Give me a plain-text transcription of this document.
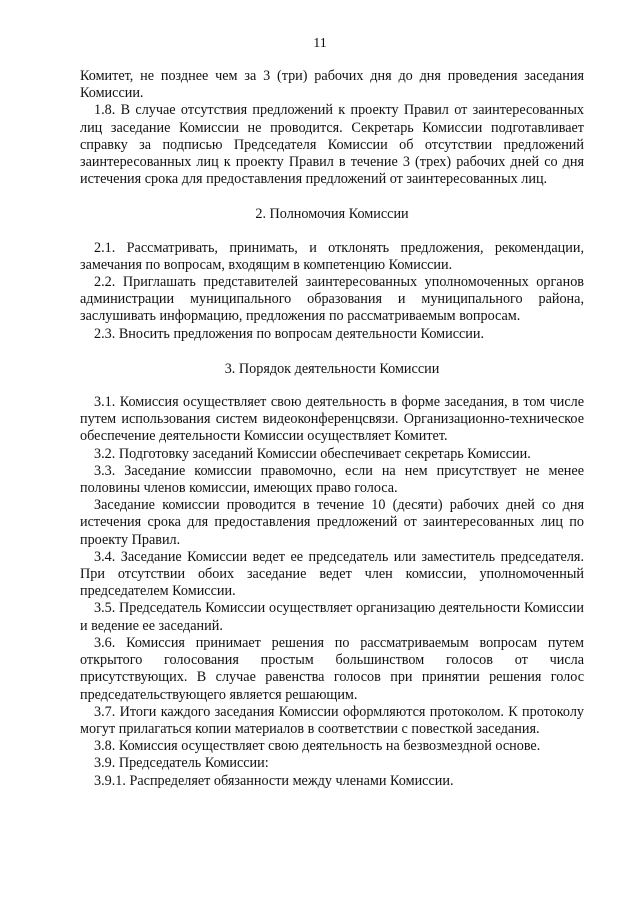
11

Комитет, не позднее чем за 3 (три) рабочих дня до дня проведения заседания Комиссии.

1.8. В случае отсутствия предложений к проекту Правил от заинтересованных лиц заседание Комиссии не проводится. Секретарь Комиссии подготавливает справку за подписью Председателя Комиссии об отсутствии предложений заинтересованных лиц к проекту Правил в течение 3 (трех) рабочих дней со дня истечения срока для предоставления предложений от заинтересованных лиц.

2. Полномочия Комиссии

2.1. Рассматривать, принимать, и отклонять предложения, рекомендации, замечания по вопросам, входящим в компетенцию Комиссии.

2.2. Приглашать представителей заинтересованных уполномоченных органов администрации муниципального образования и муниципального района, заслушивать информацию, предложения по рассматриваемым вопросам.

2.3. Вносить предложения по вопросам деятельности Комиссии.

3. Порядок деятельности Комиссии

3.1. Комиссия осуществляет свою деятельность в форме заседания, в том числе путем использования систем видеоконференцсвязи. Организационно-техническое обеспечение деятельности Комиссии осуществляет Комитет.

3.2. Подготовку заседаний Комиссии обеспечивает секретарь Комиссии.

3.3. Заседание комиссии правомочно, если на нем присутствует не менее половины членов комиссии, имеющих право голоса.

Заседание комиссии проводится в течение 10 (десяти) рабочих дней со дня истечения срока для предоставления предложений от заинтересованных лиц по проекту Правил.

3.4. Заседание Комиссии ведет ее председатель или заместитель председателя. При отсутствии обоих заседание ведет член комиссии, уполномоченный председателем Комиссии.

3.5. Председатель Комиссии осуществляет организацию деятельности Комиссии и ведение ее заседаний.

3.6. Комиссия принимает решения по рассматриваемым вопросам путем открытого голосования простым большинством голосов от числа присутствующих. В случае равенства голосов при принятии решения голос председательствующего является решающим.

3.7. Итоги каждого заседания Комиссии оформляются протоколом. К протоколу могут прилагаться копии материалов в соответствии с повесткой заседания.

3.8. Комиссия осуществляет свою деятельность на безвозмездной основе.

3.9. Председатель Комиссии:

3.9.1. Распределяет обязанности между членами Комиссии.
